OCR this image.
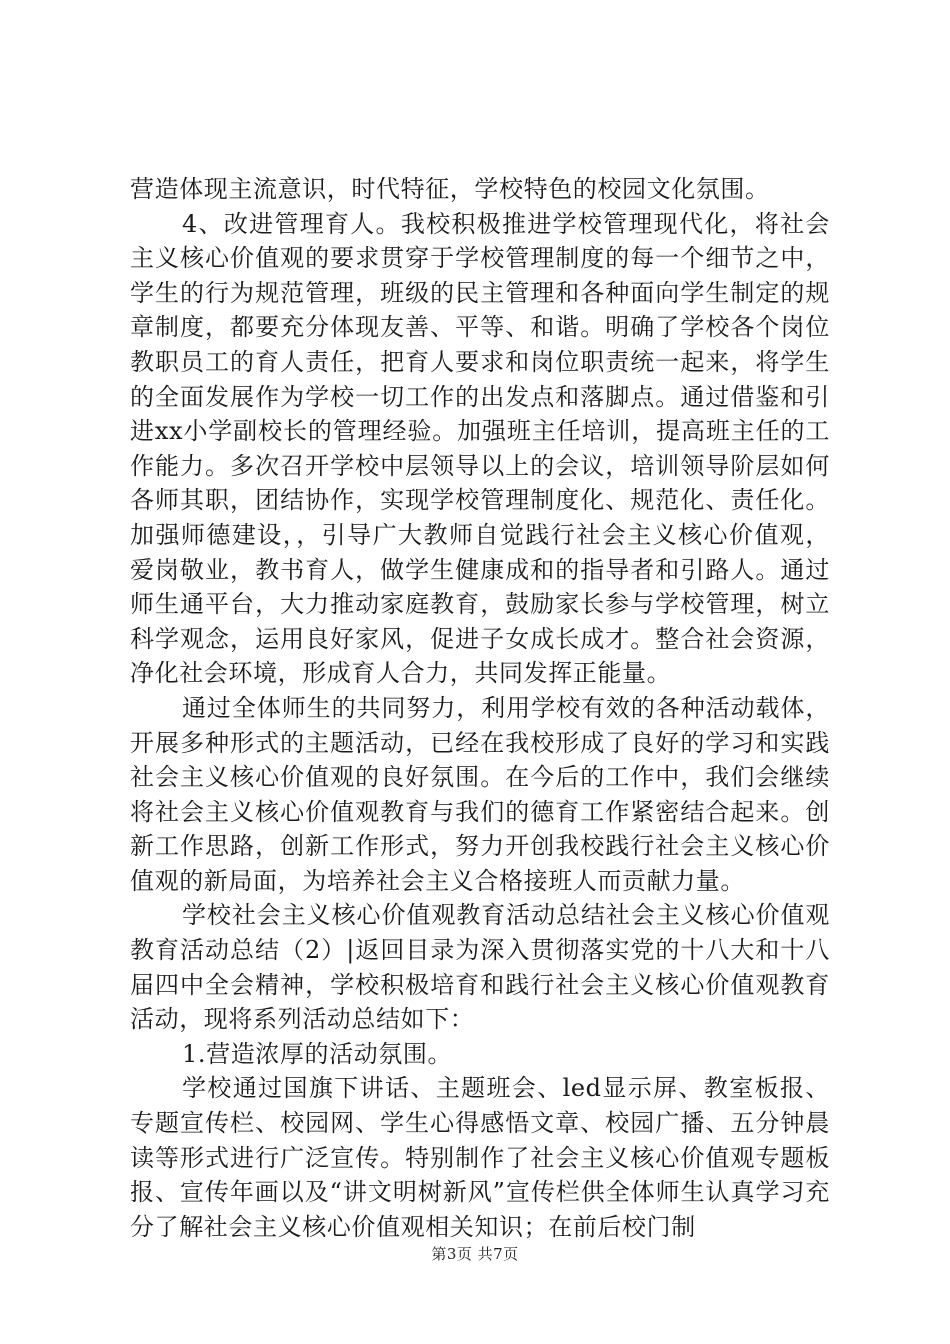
营造体现主流意识，时代特征，学校特色的校园文化氛围。

4、改进管理育人。我校积极推进学校管理现代化，将社会主义核心价值观的要求贯穿于学校管理制度的每一个细节之中，学生的行为规范管理，班级的民主管理和各种面向学生制定的规章制度，都要充分体现友善、平等、和谐。明确了学校各个岗位教职员工的育人责任，把育人要求和岗位职责统一起来，将学生的全面发展作为学校一切工作的出发点和落脚点。通过借鉴和引进xx小学副校长的管理经验。加强班主任培训，提高班主任的工作能力。多次召开学校中层领导以上的会议，培训领导阶层如何各师其职，团结协作，实现学校管理制度化、规范化、责任化。加强师德建设，，引导广大教师自觉践行社会主义核心价值观，爱岗敬业，教书育人，做学生健康成和的指导者和引路人。通过师生通平台，大力推动家庭教育，鼓励家长参与学校管理，树立科学观念，运用良好家风，促进子女成长成才。整合社会资源，净化社会环境，形成育人合力，共同发挥正能量。

通过全体师生的共同努力，利用学校有效的各种活动载体，开展多种形式的主题活动，已经在我校形成了良好的学习和实践社会主义核心价值观的良好氛围。在今后的工作中，我们会继续将社会主义核心价值观教育与我们的德育工作紧密结合起来。创新工作思路，创新工作形式，努力开创我校践行社会主义核心价值观的新局面，为培养社会主义合格接班人而贡献力量。

学校社会主义核心价值观教育活动总结社会主义核心价值观教育活动总结（2）|返回目录为深入贯彻落实党的十八大和十八届四中全会精神，学校积极培育和践行社会主义核心价值观教育活动，现将系列活动总结如下：

1.营造浓厚的活动氛围。

学校通过国旗下讲话、主题班会、led显示屏、教室板报、专题宣传栏、校园网、学生心得感悟文章、校园广播、五分钟晨读等形式进行广泛宣传。特别制作了社会主义核心价值观专题板报、宣传年画以及“讲文明树新风”宣传栏供全体师生认真学习充分了解社会主义核心价值观相关知识；在前后校门制

第3页 共7页
